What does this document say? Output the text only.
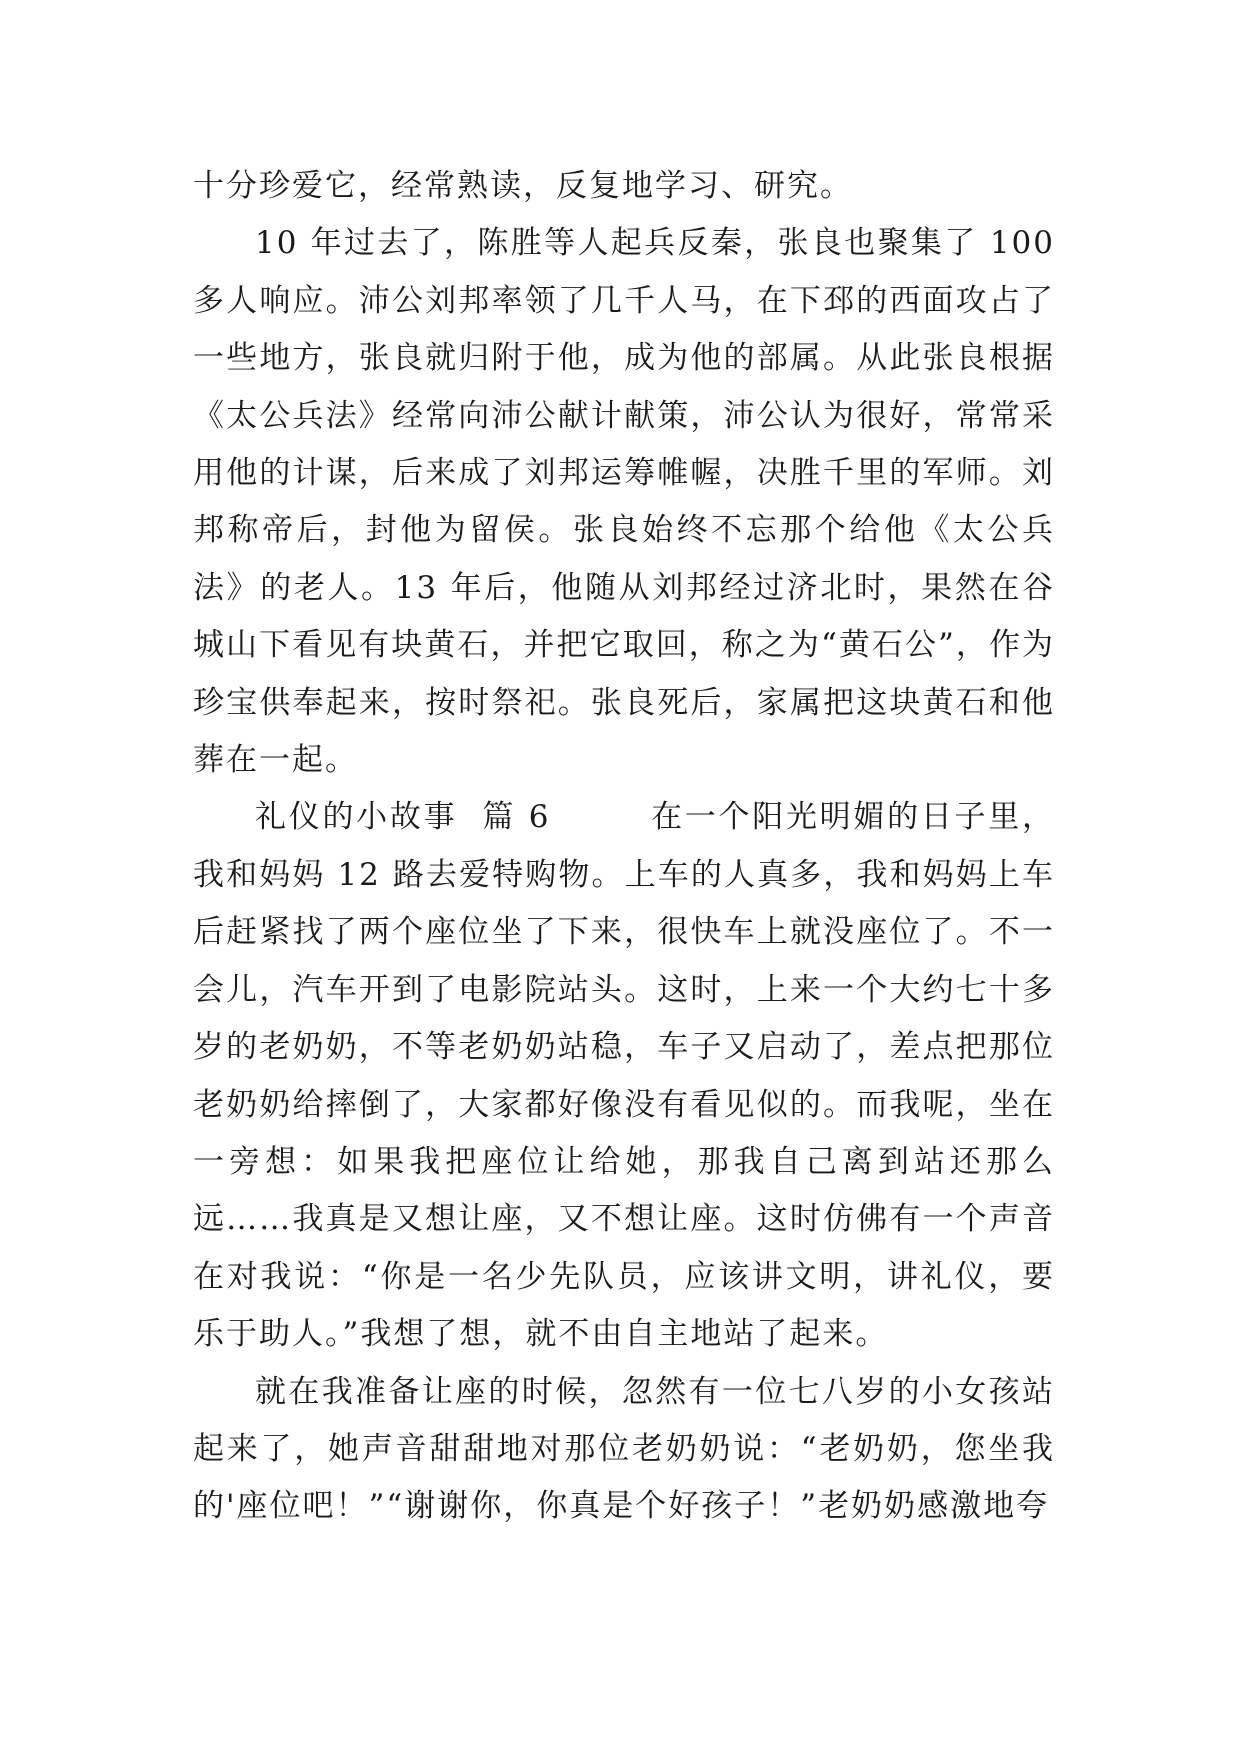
十分珍爱它，经常熟读，反复地学习、研究。

10 年过去了，陈胜等人起兵反秦，张良也聚集了 100 多人响应。沛公刘邦率领了几千人马，在下邳的西面攻占了一些地方，张良就归附于他，成为他的部属。从此张良根据《太公兵法》经常向沛公献计献策，沛公认为很好，常常采用他的计谋，后来成了刘邦运筹帷幄，决胜千里的军师。刘邦称帝后，封他为留侯。张良始终不忘那个给他《太公兵法》的老人。13 年后，他随从刘邦经过济北时，果然在谷城山下看见有块黄石，并把它取回，称之为“黄石公”，作为珍宝供奉起来，按时祭祀。张良死后，家属把这块黄石和他葬在一起。

礼仪的小故事  篇 6        在一个阳光明媚的日子里，我和妈妈 12 路去爱特购物。上车的人真多，我和妈妈上车后赶紧找了两个座位坐了下来，很快车上就没座位了。不一会儿，汽车开到了电影院站头。这时，上来一个大约七十多岁的老奶奶，不等老奶奶站稳，车子又启动了，差点把那位老奶奶给摔倒了，大家都好像没有看见似的。而我呢，坐在一旁想：如果我把座位让给她，那我自己离到站还那么远……我真是又想让座，又不想让座。这时仿佛有一个声音在对我说：“你是一名少先队员，应该讲文明，讲礼仪，要乐于助人。”我想了想，就不由自主地站了起来。

就在我准备让座的时候，忽然有一位七八岁的小女孩站起来了，她声音甜甜地对那位老奶奶说：“老奶奶，您坐我的'座位吧！”“谢谢你，你真是个好孩子！”老奶奶感激地夸
